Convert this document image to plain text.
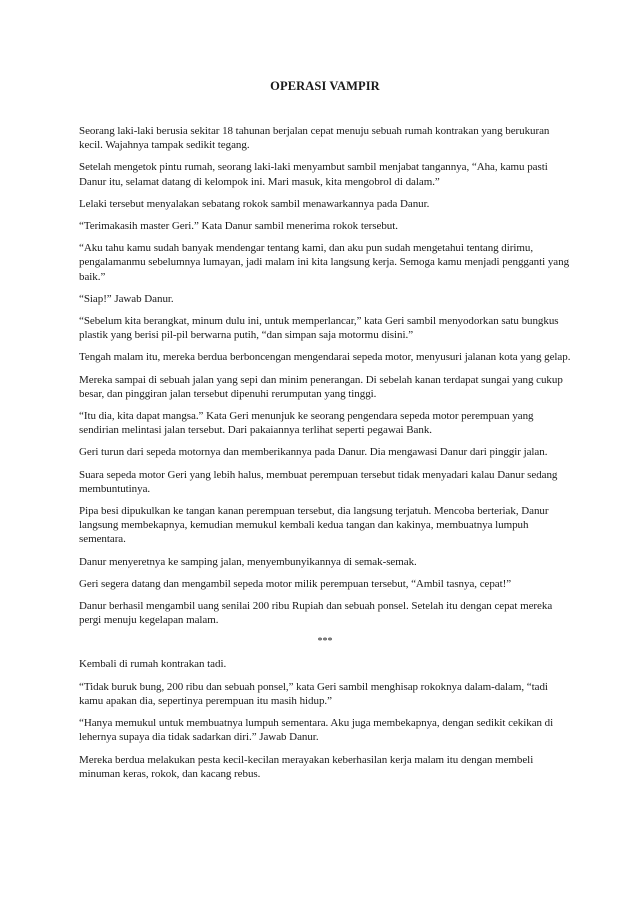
OPERASI VAMPIR

Seorang laki-laki berusia sekitar 18 tahunan berjalan cepat menuju sebuah rumah kontrakan yang berukuran kecil. Wajahnya tampak sedikit tegang.

Setelah mengetok pintu rumah, seorang laki-laki menyambut sambil menjabat tangannya, “Aha, kamu pasti Danur itu, selamat datang di kelompok ini. Mari masuk, kita mengobrol di dalam.”

Lelaki tersebut menyalakan sebatang rokok sambil menawarkannya pada Danur.

“Terimakasih master Geri.” Kata Danur sambil menerima rokok tersebut.

“Aku tahu kamu sudah banyak mendengar tentang kami, dan aku pun sudah mengetahui tentang dirimu, pengalamanmu sebelumnya lumayan, jadi malam ini kita langsung kerja. Semoga kamu menjadi pengganti yang baik.”

“Siap!” Jawab Danur.

“Sebelum kita berangkat, minum dulu ini, untuk memperlancar,” kata Geri sambil menyodorkan satu bungkus plastik yang berisi pil-pil berwarna putih, “dan simpan saja motormu disini.”

Tengah malam itu, mereka berdua berboncengan mengendarai sepeda motor, menyusuri jalanan kota yang gelap.

Mereka sampai di sebuah jalan yang sepi dan minim penerangan. Di sebelah kanan terdapat sungai yang cukup besar, dan pinggiran jalan tersebut dipenuhi rerumputan yang tinggi.

“Itu dia, kita dapat mangsa.” Kata Geri menunjuk ke seorang pengendara sepeda motor perempuan yang sendirian melintasi jalan tersebut. Dari pakaiannya terlihat seperti pegawai Bank.

Geri turun dari sepeda motornya dan memberikannya pada Danur. Dia mengawasi Danur dari pinggir jalan.

Suara sepeda motor Geri yang lebih halus, membuat perempuan tersebut tidak menyadari kalau Danur sedang membuntutinya.

Pipa besi dipukulkan ke tangan kanan perempuan tersebut, dia langsung terjatuh. Mencoba berteriak, Danur langsung membekapnya, kemudian memukul kembali kedua tangan dan kakinya, membuatnya lumpuh sementara.

Danur menyeretnya ke samping jalan, menyembunyikannya di semak-semak.

Geri segera datang dan mengambil sepeda motor milik perempuan tersebut, “Ambil tasnya, cepat!”

Danur berhasil mengambil uang senilai 200 ribu Rupiah dan sebuah ponsel. Setelah itu dengan cepat mereka pergi menuju kegelapan malam.

***

Kembali di rumah kontrakan tadi.

“Tidak buruk bung, 200 ribu dan sebuah ponsel,” kata Geri sambil menghisap rokoknya dalam-dalam, “tadi kamu apakan dia, sepertinya perempuan itu masih hidup.”

“Hanya memukul untuk membuatnya lumpuh sementara. Aku juga membekapnya, dengan sedikit cekikan di lehernya supaya dia tidak sadarkan diri.” Jawab Danur.

Mereka berdua melakukan pesta kecil-kecilan merayakan keberhasilan kerja malam itu dengan membeli minuman keras, rokok, dan kacang rebus.
